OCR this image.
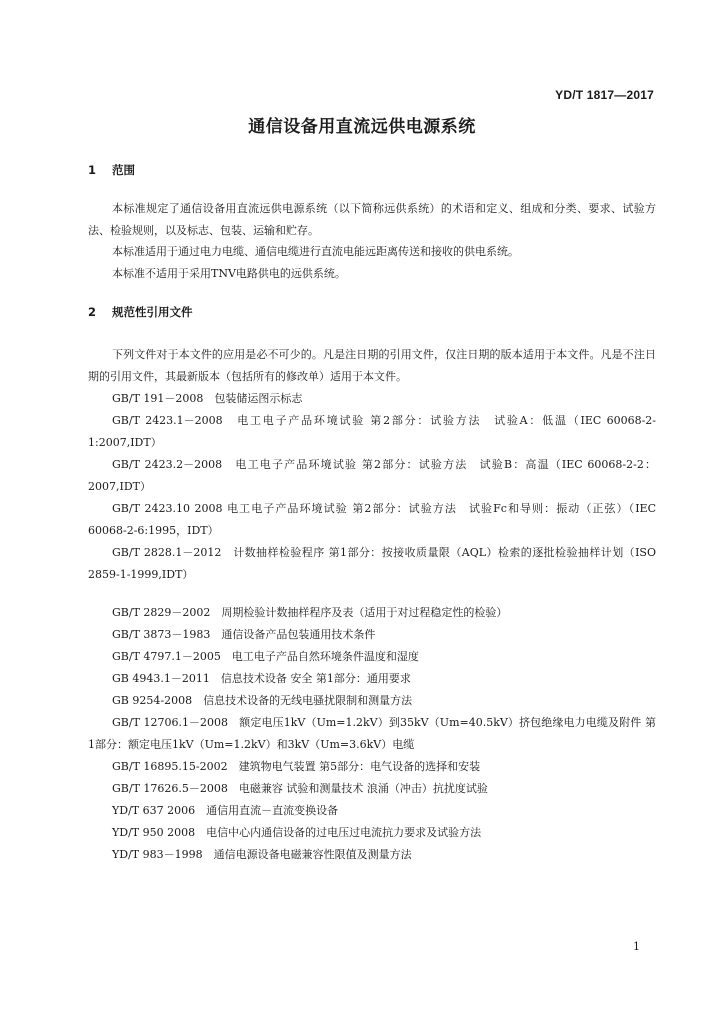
YD/T 1817—2017
通信设备用直流远供电源系统
1 范围

本标准规定了通信设备用直流远供电源系统（以下简称远供系统）的术语和定义、组成和分类、要求、试验方法、检验规则，以及标志、包装、运输和贮存。

本标准适用于通过电力电缆、通信电缆进行直流电能远距离传送和接收的供电系统。

本标准不适用于采用TNV电路供电的远供系统。

2 规范性引用文件

下列文件对于本文件的应用是必不可少的。凡是注日期的引用文件，仅注日期的版本适用于本文件。凡是不注日期的引用文件，其最新版本（包括所有的修改单）适用于本文件。

GB/T 191－2008　包装储运图示标志

GB/T 2423.1－2008　电工电子产品环境试验 第2部分：试验方法　试验A：低温（IEC 60068-2-1:2007,IDT）

GB/T 2423.2－2008　电工电子产品环境试验 第2部分：试验方法　试验B：高温（IEC 60068-2-2：2007,IDT）

GB/T 2423.10 2008 电工电子产品环境试验 第2部分：试验方法　试验Fc和导则：振动（正弦）（IEC 60068-2-6:1995，IDT）

GB/T 2828.1－2012　计数抽样检验程序 第1部分：按接收质量限（AQL）检索的逐批检验抽样计划（ISO 2859-1-1999,IDT）

GB/T 2829－2002　周期检验计数抽样程序及表（适用于对过程稳定性的检验）

GB/T 3873－1983　通信设备产品包装通用技术条件

GB/T 4797.1－2005　电工电子产品自然环境条件温度和湿度

GB 4943.1－2011　信息技术设备 安全 第1部分：通用要求

GB 9254-2008　信息技术设备的无线电骚扰限制和测量方法

GB/T 12706.1－2008　额定电压1kV（Um=1.2kV）到35kV（Um=40.5kV）挤包绝缘电力电缆及附件 第1部分：额定电压1kV（Um=1.2kV）和3kV（Um=3.6kV）电缆

GB/T 16895.15-2002　建筑物电气装置 第5部分：电气设备的选择和安装

GB/T 17626.5－2008　电磁兼容 试验和测量技术 浪涌（冲击）抗扰度试验

YD/T 637 2006　通信用直流－直流变换设备

YD/T 950 2008　电信中心内通信设备的过电压过电流抗力要求及试验方法

YD/T 983－1998　通信电源设备电磁兼容性限值及测量方法

1
